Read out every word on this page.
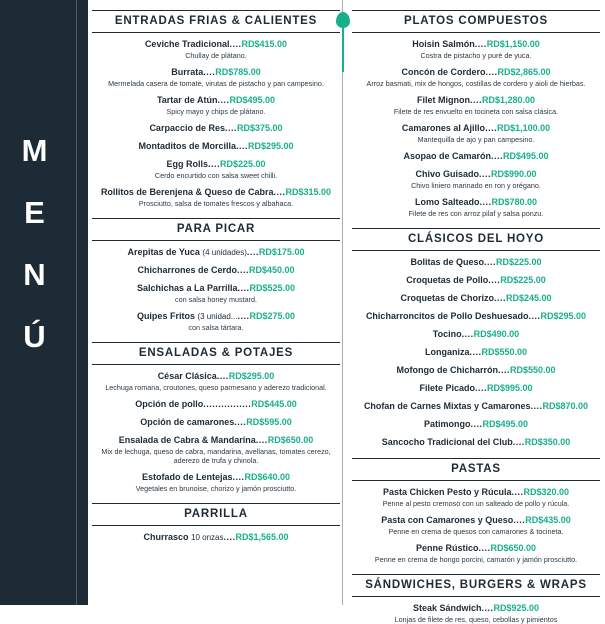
M
E
N
Ú
ENTRADAS FRIAS & CALIENTES
Ceviche Tradicional....RD$415.00
Chullay de plátano.
Burrata....RD$785.00
Mermelada casera de tomate, virutas de pistacho y pan campesino.
Tartar de Atún....RD$495.00
Spicy mayo y chips de plátano.
Carpaccio de Res....RD$375.00
Montaditos de Morcilla....RD$295.00
Egg Rolls....RD$225.00
Cerdo encurtido con salsa sweet chilli.
Rollitos de Berenjena & Queso de Cabra....RD$315.00
Prosciutto, salsa de tomates frescos y albahaca.
PARA PICAR
Arepitas de Yuca (4 unidades)....RD$175.00
Chicharrones de Cerdo....RD$450.00
Salchichas a La Parrilla....RD$525.00
con salsa honey mustard.
Quipes Fritos (3 unidad.......RD$275.00
con salsa tártara.
ENSALADAS & POTAJES
César Clásica....RD$295.00
Lechuga romana, croutones, queso parmesano y aderezo tradicional.
Opción de pollo................RD$445.00
Opción de camarones....RD$595.00
Ensalada de Cabra & Mandarina....RD$650.00
Mix de lechuga, queso de cabra, mandarina, avellanas, tomates cerezo, aderezo de trufa y chinola.
Estofado de Lentejas....RD$640.00
Vegetales en brunoise, chorizo y jamón prosciutto.
PARRILLA
Churrasco 10 onzas....RD$1,565.00
PLATOS COMPUESTOS
Hoisin Salmón....RD$1,150.00
Costra de pistacho y puré de yuca.
Concón de Cordero....RD$2,865.00
Arroz basmati, mix de hongos, costillas de cordero y aioli de hierbas.
Filet Mignon....RD$1,280.00
Filete de res envuelto en tocineta con salsa clásica.
Camarones al Ajillo....RD$1,100.00
Mantequilla de ajo y pan campesino.
Asopao de Camarón....RD$495.00
Chivo Guisado....RD$990.00
Chivo liniero marinado en ron y orégano.
Lomo Salteado....RD$780.00
Filete de res con arroz pilaf y salsa ponzu.
CLÁSICOS DEL HOYO
Bolitas de Queso....RD$225.00
Croquetas de Pollo....RD$225.00
Croquetas de Chorizo....RD$245.00
Chicharroncitos de Pollo Deshuesado....RD$295.00
Tocino....RD$490.00
Longaniza....RD$550.00
Mofongo de Chicharrón....RD$550.00
Filete Picado....RD$995.00
Chofan de Carnes Mixtas y Camarones....RD$870.00
Patimongo....RD$495.00
Sancocho Tradicional del Club....RD$350.00
PASTAS
Pasta Chicken Pesto y Rúcula....RD$320.00
Penne al pesto cremoso con un salteado de pollo y rúcula.
Pasta con Camarones y Queso....RD$435.00
Penne en crema de quesos con camarones & tocineta.
Penne Rústico....RD$650.00
Penne en crema de hongo porcini, camarón y jamón prosciutto.
SÁNDWICHES, BURGERS & WRAPS
Steak Sándwich....RD$925.00
Lonjas de filete de res, queso, cebollas y pimientos
